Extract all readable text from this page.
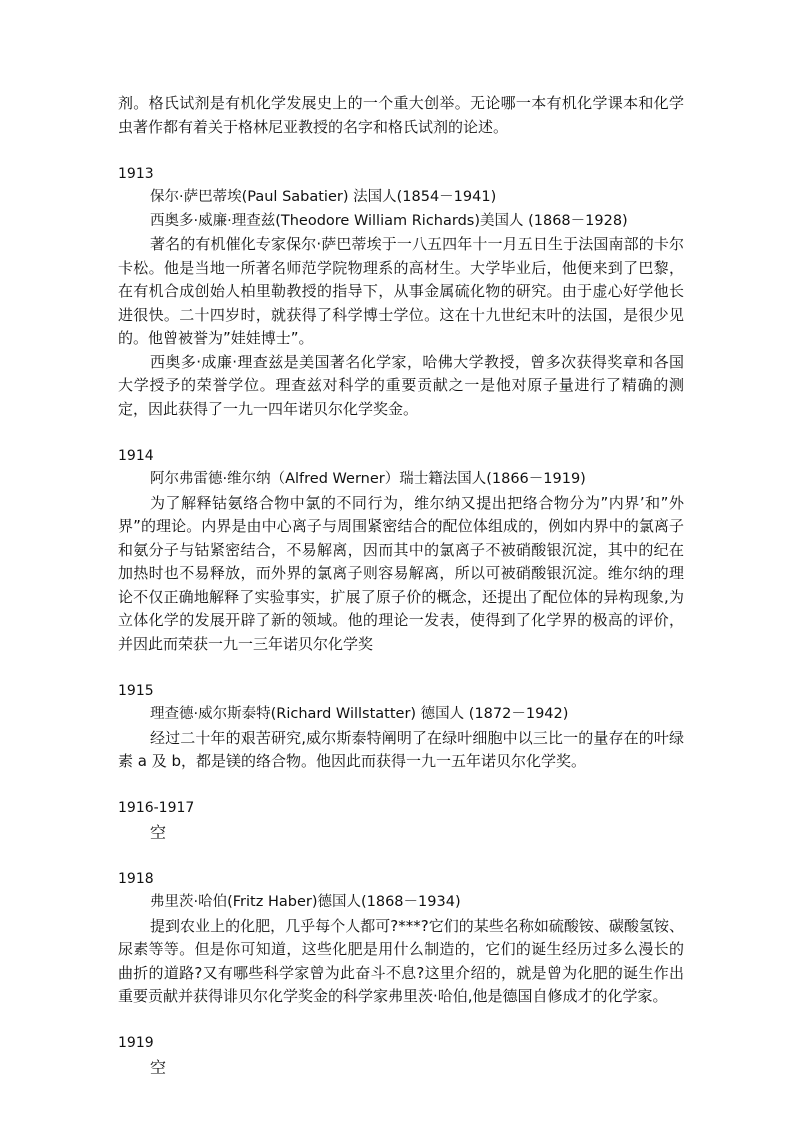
剂。格氏试剂是有机化学发展史上的一个重大创举。无论哪一本有机化学课本和化学虫著作都有着关于格林尼亚教授的名字和格氏试剂的论述。

1913

保尔·萨巴蒂埃(Paul Sabatier) 法国人(1854－1941)

西奥多·威廉·理查兹(Theodore William Richards)美国人 (1868－1928)

著名的有机催化专家保尔·萨巴蒂埃于一八五四年十一月五日生于法国南部的卡尔卡松。他是当地一所著名师范学院物理系的高材生。大学毕业后，他便来到了巴黎，在有机合成创始人柏里勒教授的指导下，从事金属硫化物的研究。由于虚心好学他长进很快。二十四岁时，就获得了科学博士学位。这在十九世纪末叶的法国，是很少见的。他曾被誉为”娃娃博士”。

西奥多·成廉·理查兹是美国著名化学家，哈佛大学教授，曾多次获得奖章和各国大学授予的荣誉学位。理查兹对科学的重要贡献之一是他对原子量进行了精确的测定，因此获得了一九一四年诺贝尔化学奖金。

1914

阿尔弗雷德·维尔纳（Alfred Werner）瑞士籍法国人(1866－1919)

为了解释钴氨络合物中氯的不同行为，维尔纳又提出把络合物分为”内界’和”外界”的理论。内界是由中心离子与周围紧密结合的配位体组成的，例如内界中的氯离子和氨分子与钴紧密结合，不易解离，因而其中的氯离子不被硝酸银沉淀，其中的纪在加热时也不易释放，而外界的氯离子则容易解离，所以可被硝酸银沉淀。维尔纳的理论不仅正确地解释了实验事实，扩展了原子价的概念，还提出了配位体的异构现象,为立体化学的发展开辟了新的领域。他的理论一发表，使得到了化学界的极高的评价，并因此而荣获一九一三年诺贝尔化学奖

1915

理查德·威尔斯泰特(Richard Willstatter) 德国人 (1872－1942)

经过二十年的艰苦研究,威尔斯泰特阐明了在绿叶细胞中以三比一的量存在的叶绿素 a 及 b，都是镁的络合物。他因此而获得一九一五年诺贝尔化学奖。

1916-1917

空

1918

弗里茨·哈伯(Fritz Haber)德国人(1868－1934)

提到农业上的化肥，几乎每个人都可?***?它们的某些名称如硫酸铵、碳酸氢铵、尿素等等。但是你可知道，这些化肥是用什么制造的，它们的诞生经历过多么漫长的曲折的道路?又有哪些科学家曾为此奋斗不息?这里介绍的，就是曾为化肥的诞生作出重要贡献并获得诽贝尔化学奖金的科学家弗里茨·哈伯,他是德国自修成才的化学家。

1919

空
